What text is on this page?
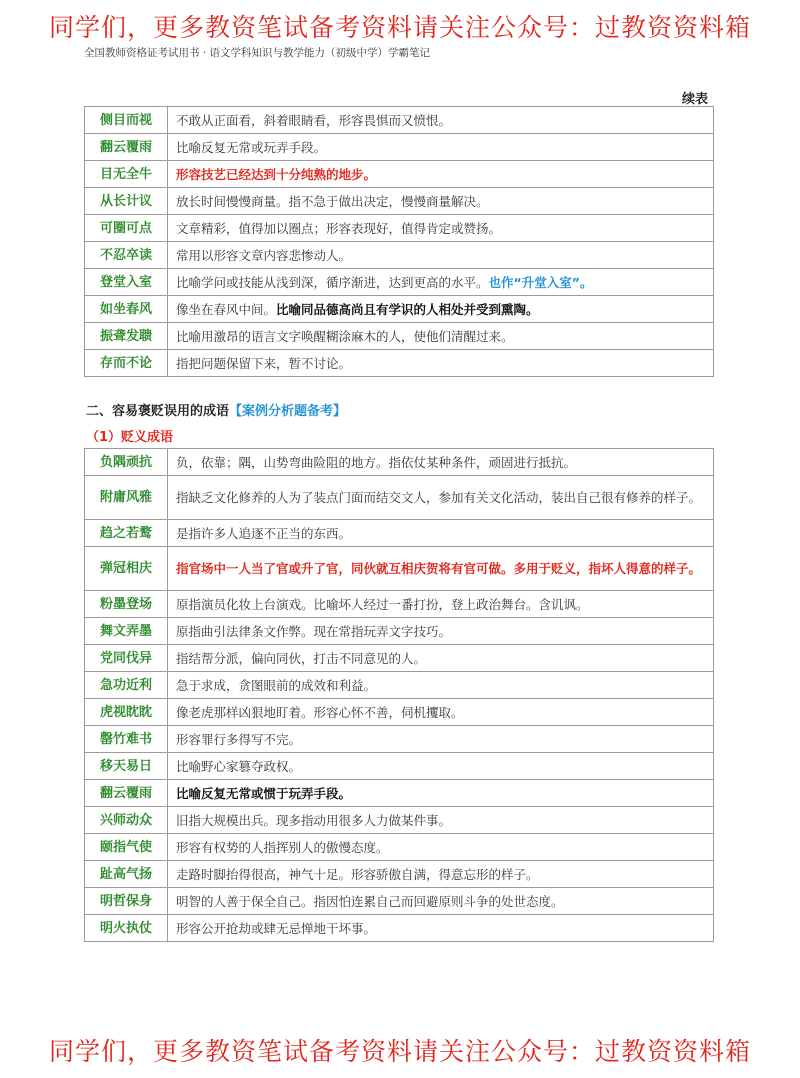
同学们，更多教资笔试备考资料请关注公众号：过教资资料箱
全国教师资格证考试用书 · 语文学科知识与教学能力（初级中学）学霸笔记
续表
侧目而视	不敢从正面看，斜着眼睛看，形容畏惧而又愤恨。
翻云覆雨	比喻反复无常或玩弄手段。
目无全牛	形容技艺已经达到十分纯熟的地步。
从长计议	放长时间慢慢商量。指不急于做出决定，慢慢商量解决。
可圈可点	文章精彩，值得加以圈点；形容表现好，值得肯定或赞扬。
不忍卒读	常用以形容文章内容悲惨动人。
登堂入室	比喻学问或技能从浅到深，循序渐进，达到更高的水平。也作“升堂入室”。
如坐春风	像坐在春风中间。比喻同品德高尚且有学识的人相处并受到熏陶。
振聋发聩	比喻用激昂的语言文字唤醒糊涂麻木的人，使他们清醒过来。
存而不论	指把问题保留下来，暂不讨论。
二、容易褒贬误用的成语【案例分析题备考】
（1）贬义成语
负隅顽抗	负，依靠；隅，山势弯曲险阻的地方。指依仗某种条件，顽固进行抵抗。
附庸风雅	指缺乏文化修养的人为了装点门面而结交文人，参加有关文化活动，装出自己很有修养的样子。
趋之若鹜	是指许多人追逐不正当的东西。
弹冠相庆	指官场中一人当了官或升了官，同伙就互相庆贺将有官可做。多用于贬义，指坏人得意的样子。
粉墨登场	原指演员化妆上台演戏。比喻坏人经过一番打扮，登上政治舞台。含讥讽。
舞文弄墨	原指曲引法律条文作弊。现在常指玩弄文字技巧。
党同伐异	指结帮分派，偏向同伙，打击不同意见的人。
急功近利	急于求成，贪图眼前的成效和利益。
虎视眈眈	像老虎那样凶狠地盯着。形容心怀不善，伺机攫取。
罄竹难书	形容罪行多得写不完。
移天易日	比喻野心家篡夺政权。
翻云覆雨	比喻反复无常或惯于玩弄手段。
兴师动众	旧指大规模出兵。现多指动用很多人力做某件事。
颐指气使	形容有权势的人指挥别人的傲慢态度。
趾高气扬	走路时脚抬得很高，神气十足。形容骄傲自满，得意忘形的样子。
明哲保身	明智的人善于保全自己。指因怕连累自己而回避原则斗争的处世态度。
明火执仗	形容公开抢劫或肆无忌惮地干坏事。
同学们，更多教资笔试备考资料请关注公众号：过教资资料箱
